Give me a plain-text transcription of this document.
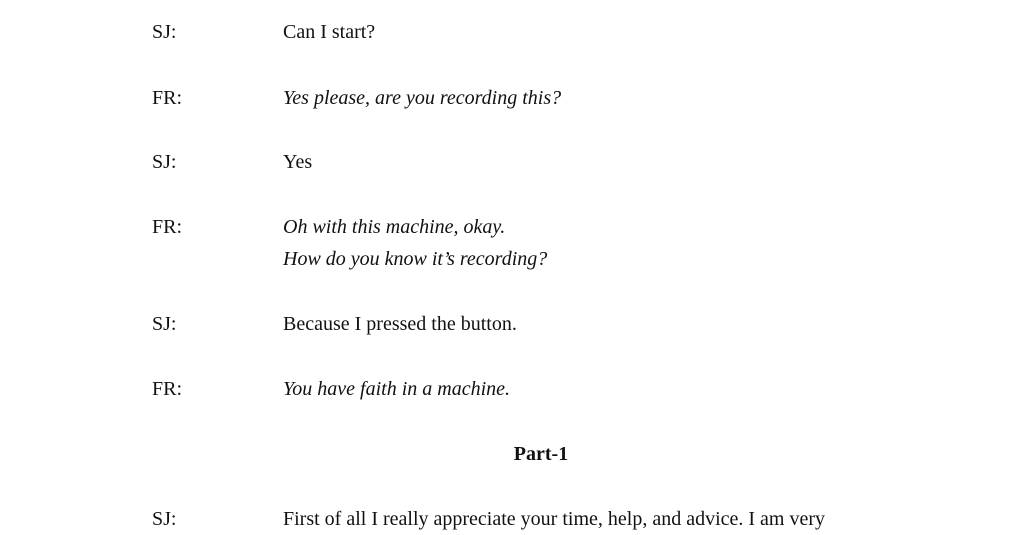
SJ:	Can I start?
FR:	Yes please, are you recording this?
SJ:	Yes
FR:	Oh with this machine, okay.
How do you know it’s recording?
SJ:	Because I pressed the button.
FR:	You have faith in a machine.
Part-1
SJ:	First of all I really appreciate your time, help, and advice. I am very
